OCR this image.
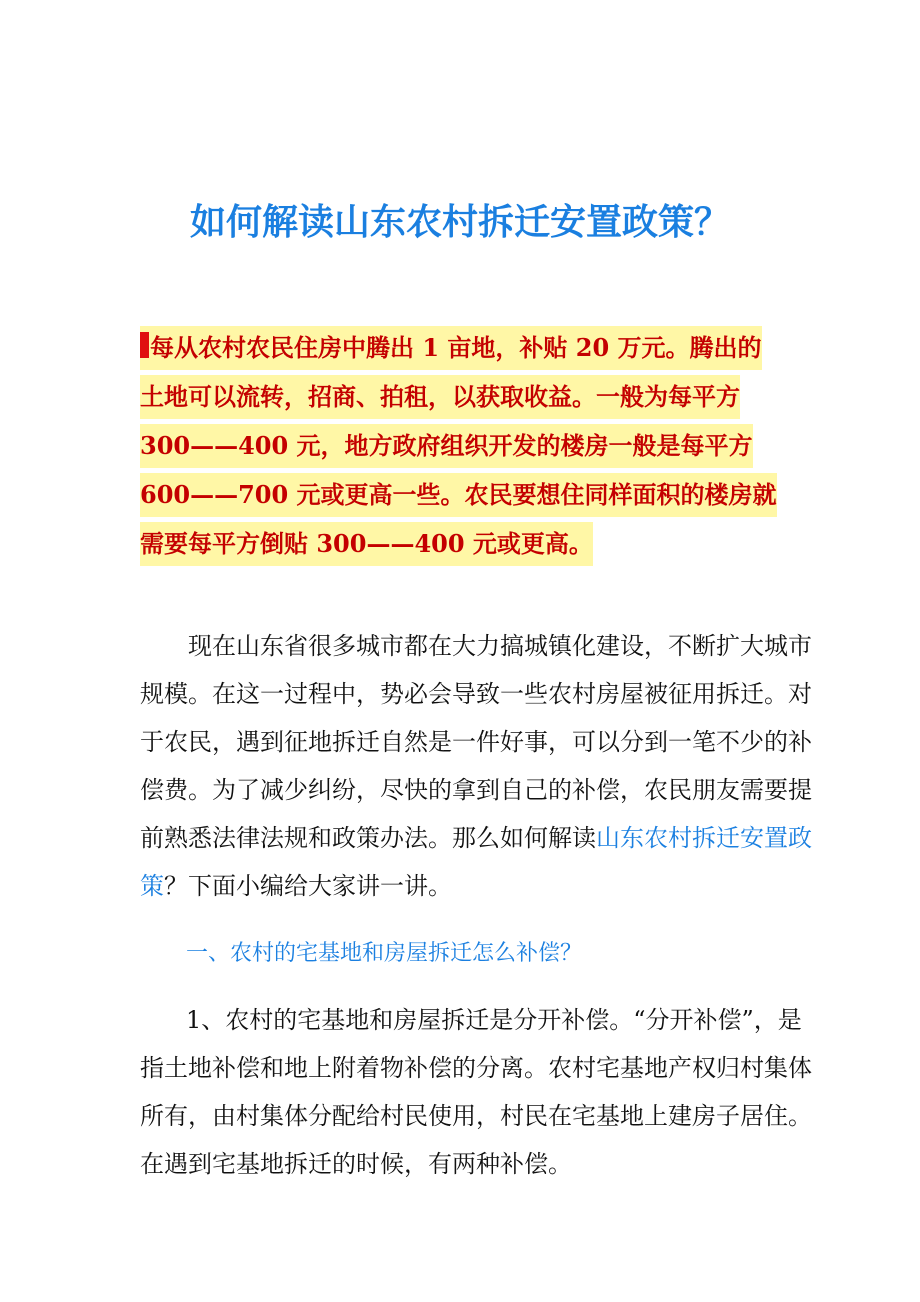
如何解读山东农村拆迁安置政策？
每从农村农民住房中腾出 1 亩地，补贴 20 万元。腾出的
土地可以流转，招商、拍租，以获取收益。一般为每平方
300——400 元，地方政府组织开发的楼房一般是每平方
600——700 元或更高一些。农民要想住同样面积的楼房就
需要每平方倒贴 300——400 元或更高。
现在山东省很多城市都在大力搞城镇化建设，不断扩大城市
规模。在这一过程中，势必会导致一些农村房屋被征用拆迁。对
于农民，遇到征地拆迁自然是一件好事，可以分到一笔不少的补
偿费。为了减少纠纷，尽快的拿到自己的补偿，农民朋友需要提
前熟悉法律法规和政策办法。那么如何解读山东农村拆迁安置政
策？下面小编给大家讲一讲。
一、农村的宅基地和房屋拆迁怎么补偿？
1、农村的宅基地和房屋拆迁是分开补偿。“分开补偿”，是
指土地补偿和地上附着物补偿的分离。农村宅基地产权归村集体
所有，由村集体分配给村民使用，村民在宅基地上建房子居住。
在遇到宅基地拆迁的时候，有两种补偿。
